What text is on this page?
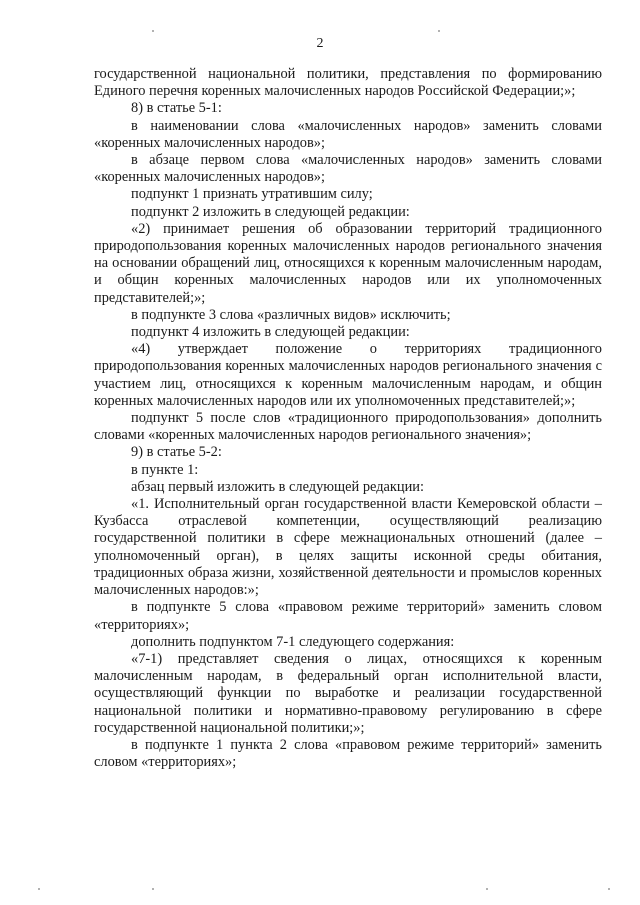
2

государственной национальной политики, представления по формированию Единого перечня коренных малочисленных народов Российской Федерации;»;

8) в статье 5-1:

в наименовании слова «малочисленных народов» заменить словами «коренных малочисленных народов»;

в абзаце первом слова «малочисленных народов» заменить словами «коренных малочисленных народов»;

подпункт 1 признать утратившим силу;

подпункт 2 изложить в следующей редакции:

«2) принимает решения об образовании территорий традиционного природопользования коренных малочисленных народов регионального значения на основании обращений лиц, относящихся к коренным малочисленным народам, и общин коренных малочисленных народов или их уполномоченных представителей;»;

в подпункте 3 слова «различных видов» исключить;

подпункт 4 изложить в следующей редакции:

«4) утверждает положение о территориях традиционного природопользования коренных малочисленных народов регионального значения с участием лиц, относящихся к коренным малочисленным народам, и общин коренных малочисленных народов или их уполномоченных представителей;»;

подпункт 5 после слов «традиционного природопользования» дополнить словами «коренных малочисленных народов регионального значения»;

9) в статье 5-2:

в пункте 1:

абзац первый изложить в следующей редакции:

«1. Исполнительный орган государственной власти Кемеровской области – Кузбасса отраслевой компетенции, осуществляющий реализацию государственной политики в сфере межнациональных отношений (далее – уполномоченный орган), в целях защиты исконной среды обитания, традиционных образа жизни, хозяйственной деятельности и промыслов коренных малочисленных народов:»;

в подпункте 5 слова «правовом режиме территорий» заменить словом «территориях»;

дополнить подпунктом 7-1 следующего содержания:

«7-1) представляет сведения о лицах, относящихся к коренным малочисленным народам, в федеральный орган исполнительной власти, осуществляющий функции по выработке и реализации государственной национальной политики и нормативно-правовому регулированию в сфере государственной национальной политики;»;

в подпункте 1 пункта 2 слова «правовом режиме территорий» заменить словом «территориях»;
